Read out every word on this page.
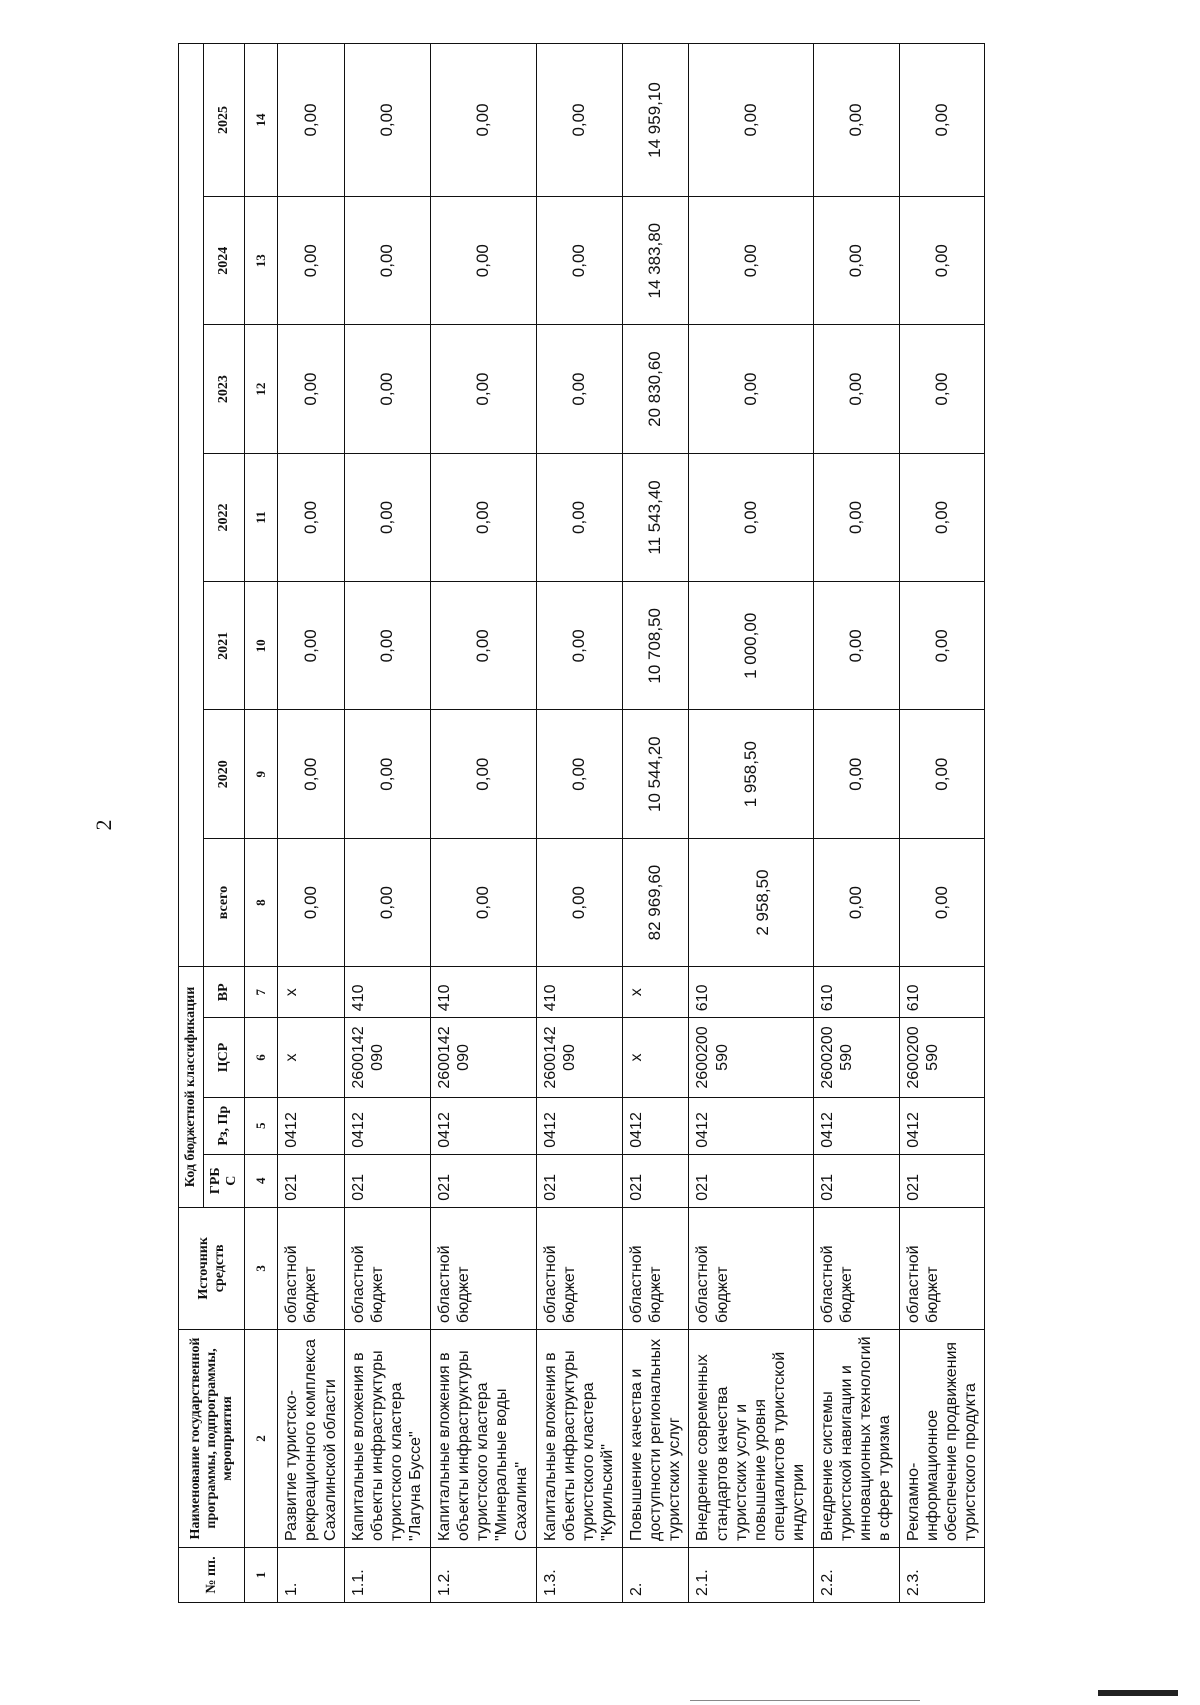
2
№ пп.	Наименование государственной программы, подпрограммы, мероприятия	Источник средств	Код бюджетной классификации										
			ГРБ С	Рз, Пр	ЦСР	ВР	всего	2020	2021	2022	2023	2024	2025
1	2	3	4	5	6	7	8	9	10	11	12	13	14
1.	Развитие туристско-рекреационного комплекса Сахалинской области	областной бюджет	021	0412	х	х	0,00	0,00	0,00	0,00	0,00	0,00	0,00
1.1.	Капитальные вложения в объекты инфраструктуры туристского кластера "Лагуна Буссе"	областной бюджет	021	0412	2600142 090	410	0,00	0,00	0,00	0,00	0,00	0,00	0,00
1.2.	Капитальные вложения в объекты инфраструктуры туристского кластера "Минеральные воды Сахалина"	областной бюджет	021	0412	2600142 090	410	0,00	0,00	0,00	0,00	0,00	0,00	0,00
1.3.	Капитальные вложения в объекты инфраструктуры туристского кластера "Курильский"	областной бюджет	021	0412	2600142 090	410	0,00	0,00	0,00	0,00	0,00	0,00	0,00
2.	Повышение качества и доступности региональных туристских услуг	областной бюджет	021	0412	х	х	82 969,60	10 544,20	10 708,50	11 543,40	20 830,60	14 383,80	14 959,10
2.1.	Внедрение современных стандартов качества туристских услуг и повышение уровня специалистов туристской индустрии	областной бюджет	021	0412	2600200 590	610	2 958,50	1 958,50	1 000,00	0,00	0,00	0,00	0,00
2.2.	Внедрение системы туристской навигации и инновационных технологий в сфере туризма	областной бюджет	021	0412	2600200 590	610	0,00	0,00	0,00	0,00	0,00	0,00	0,00
2.3.	Рекламно-информационное обеспечение продвижения туристского продукта	областной бюджет	021	0412	2600200 590	610	0,00	0,00	0,00	0,00	0,00	0,00	0,00
